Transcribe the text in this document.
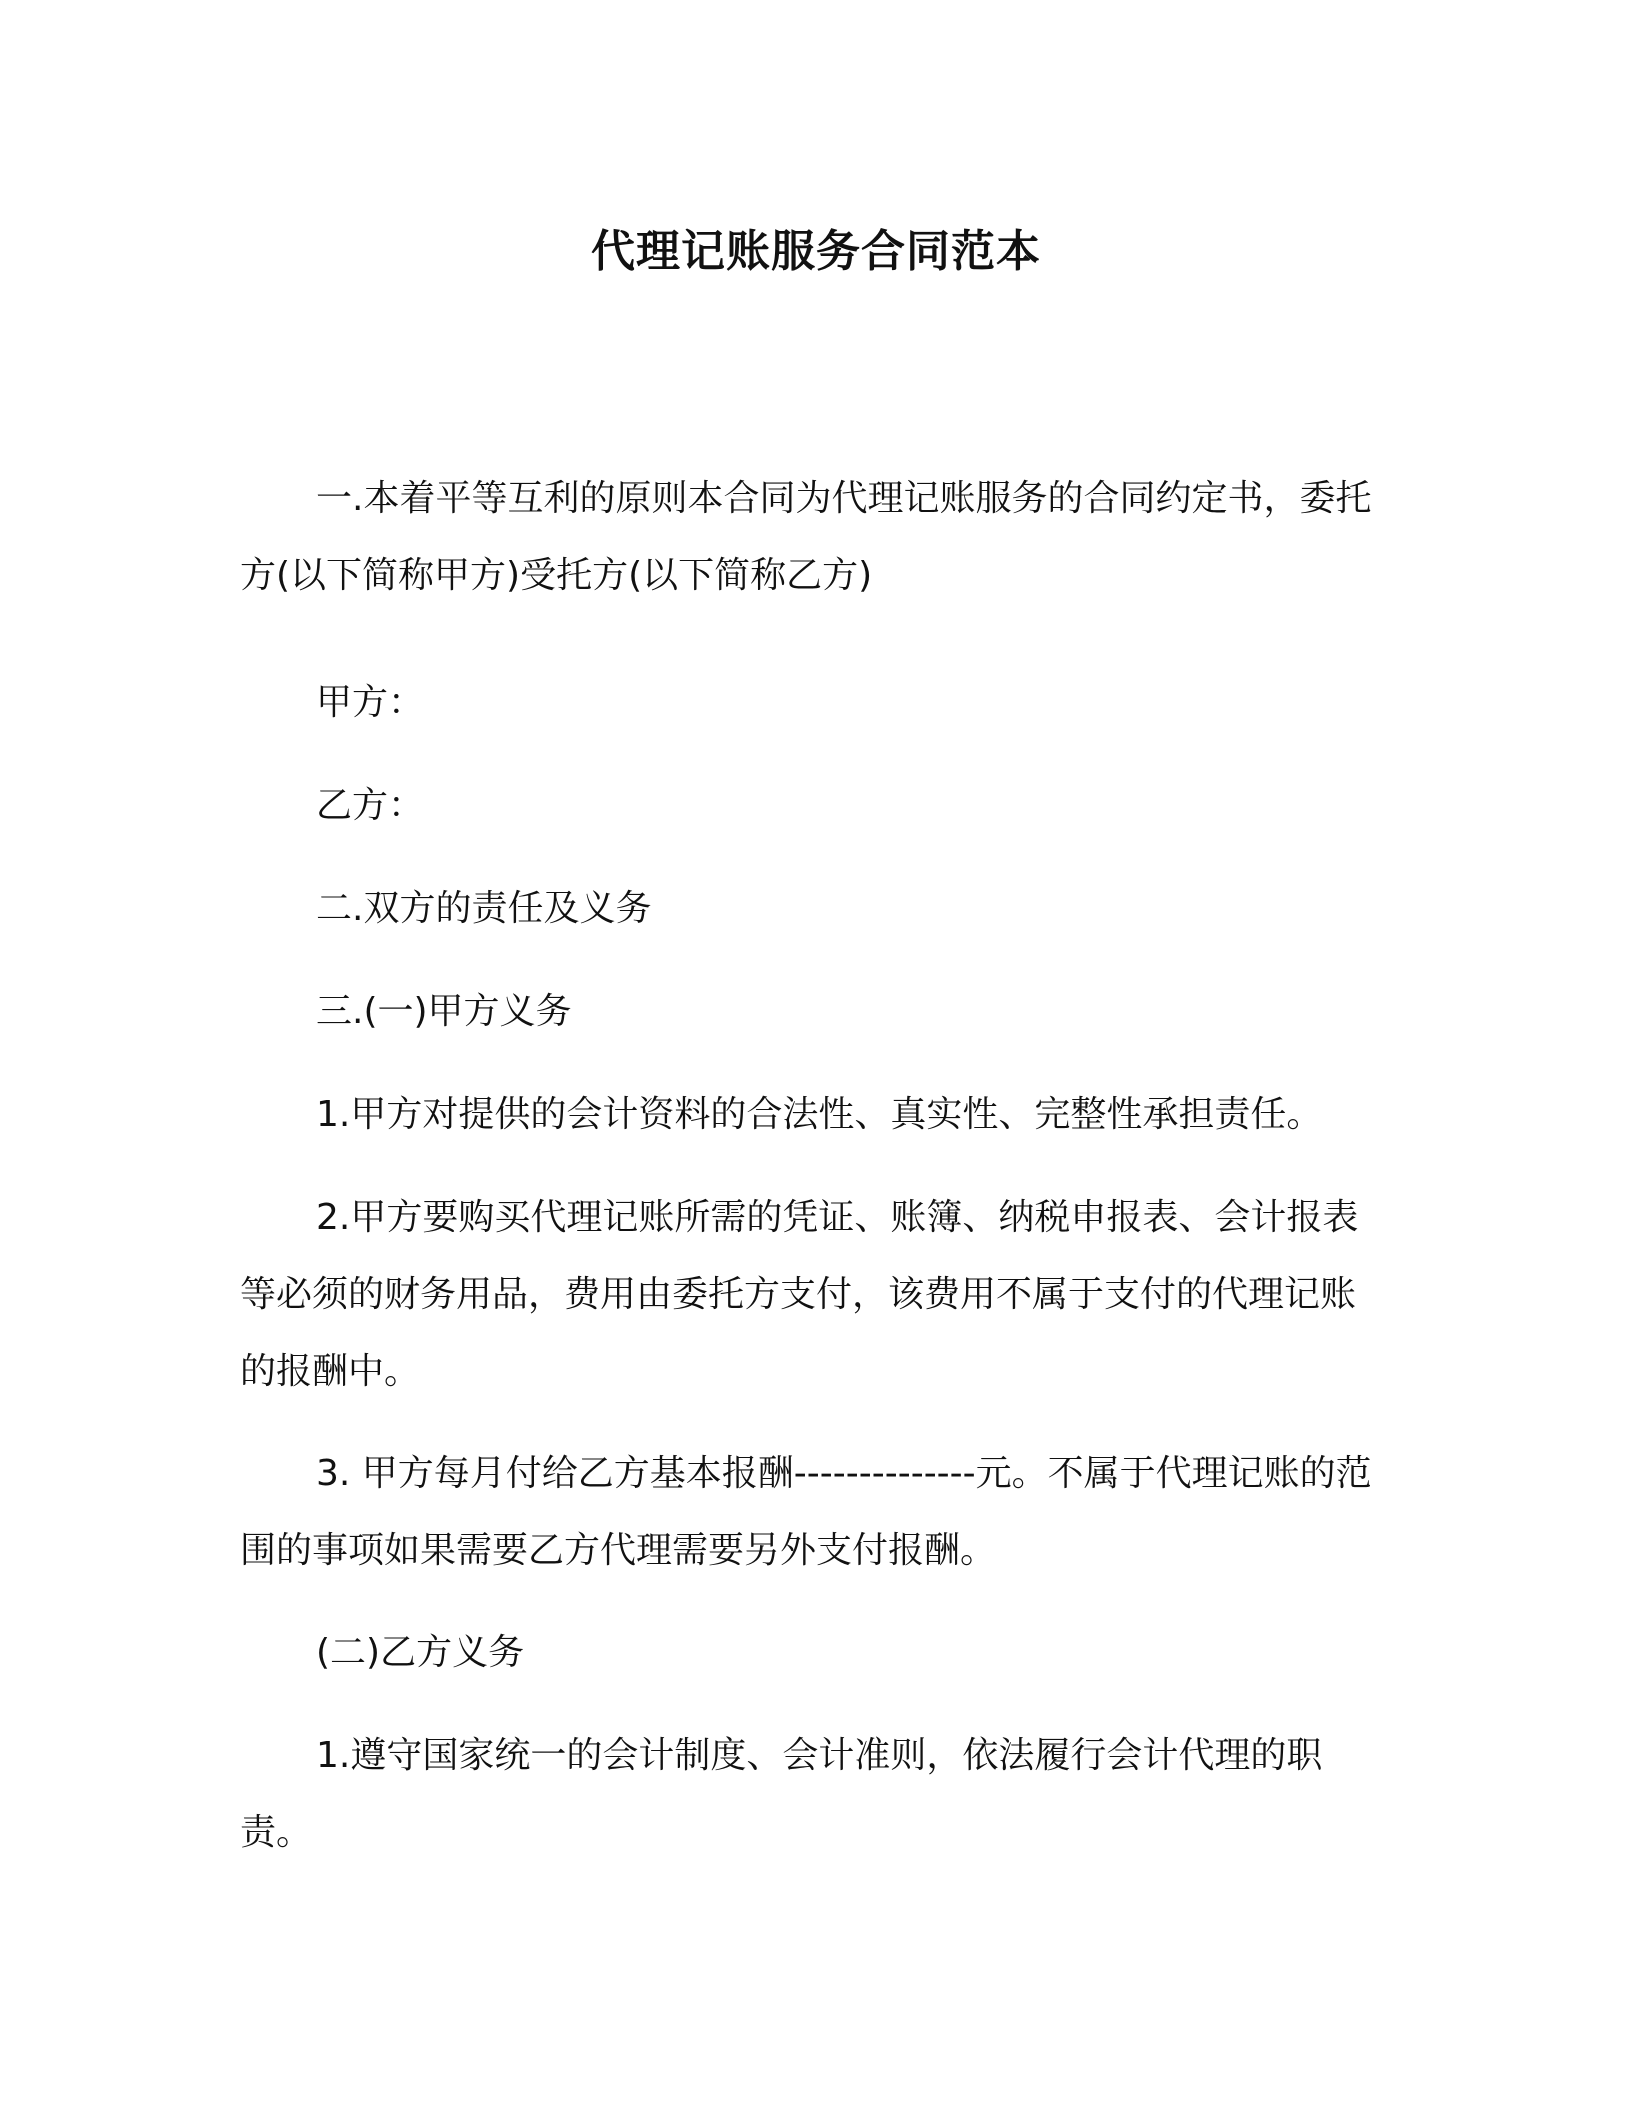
代理记账服务合同范本

一.本着平等互利的原则本合同为代理记账服务的合同约定书，委托方(以下简称甲方)受托方(以下简称乙方)

甲方：

乙方：

二.双方的责任及义务

三.(一)甲方义务

1.甲方对提供的会计资料的合法性、真实性、完整性承担责任。

2.甲方要购买代理记账所需的凭证、账簿、纳税申报表、会计报表等必须的财务用品，费用由委托方支付，该费用不属于支付的代理记账的报酬中。

3. 甲方每月付给乙方基本报酬--------------元。不属于代理记账的范围的事项如果需要乙方代理需要另外支付报酬。

(二)乙方义务

1.遵守国家统一的会计制度、会计准则，依法履行会计代理的职责。
